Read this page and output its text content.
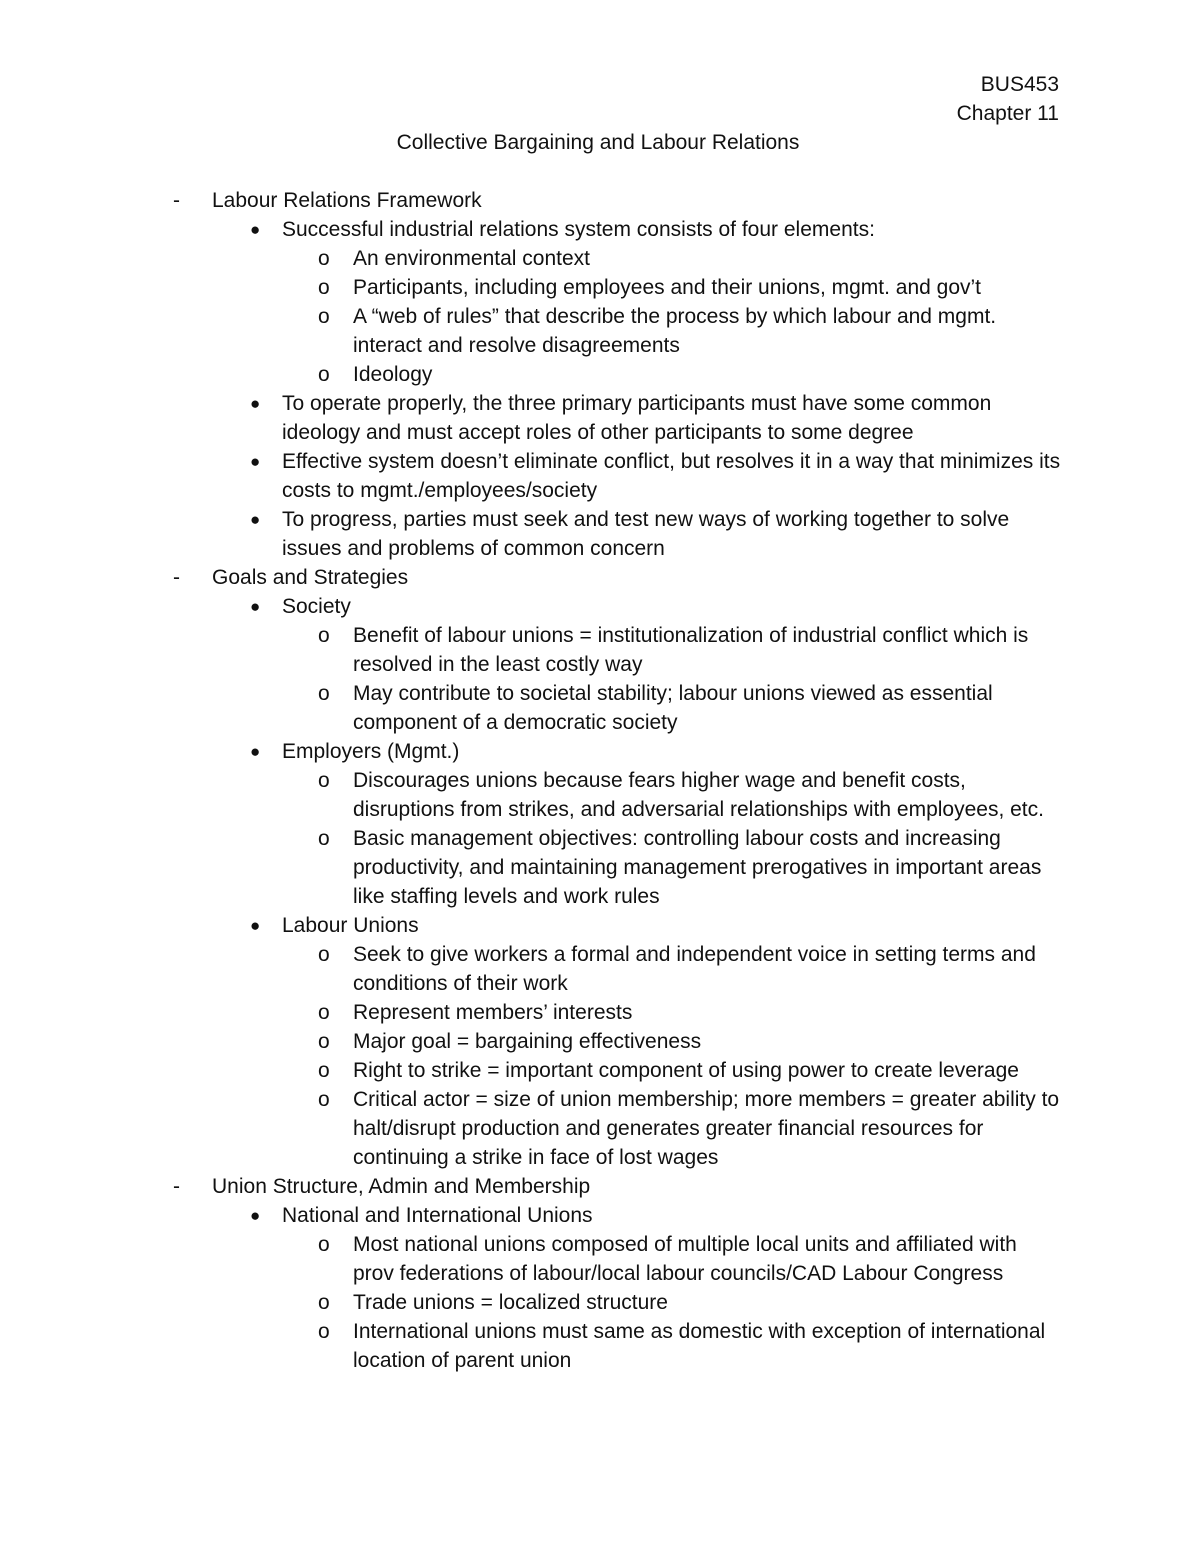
BUS453
Chapter 11
Collective Bargaining and Labour Relations
- Labour Relations Framework
● Successful industrial relations system consists of four elements:
o An environmental context
o Participants, including employees and their unions, mgmt. and gov’t
o A “web of rules” that describe the process by which labour and mgmt. interact and resolve disagreements
o Ideology
● To operate properly, the three primary participants must have some common ideology and must accept roles of other participants to some degree
● Effective system doesn’t eliminate conflict, but resolves it in a way that minimizes its costs to mgmt./employees/society
● To progress, parties must seek and test new ways of working together to solve issues and problems of common concern
- Goals and Strategies
● Society
o Benefit of labour unions = institutionalization of industrial conflict which is resolved in the least costly way
o May contribute to societal stability; labour unions viewed as essential component of a democratic society
● Employers (Mgmt.)
o Discourages unions because fears higher wage and benefit costs, disruptions from strikes, and adversarial relationships with employees, etc.
o Basic management objectives: controlling labour costs and increasing productivity, and maintaining management prerogatives in important areas like staffing levels and work rules
● Labour Unions
o Seek to give workers a formal and independent voice in setting terms and conditions of their work
o Represent members’ interests
o Major goal = bargaining effectiveness
o Right to strike = important component of using power to create leverage
o Critical actor = size of union membership; more members = greater ability to halt/disrupt production and generates greater financial resources for continuing a strike in face of lost wages
- Union Structure, Admin and Membership
● National and International Unions
o Most national unions composed of multiple local units and affiliated with prov federations of labour/local labour councils/CAD Labour Congress
o Trade unions = localized structure
o International unions must same as domestic with exception of international location of parent union
